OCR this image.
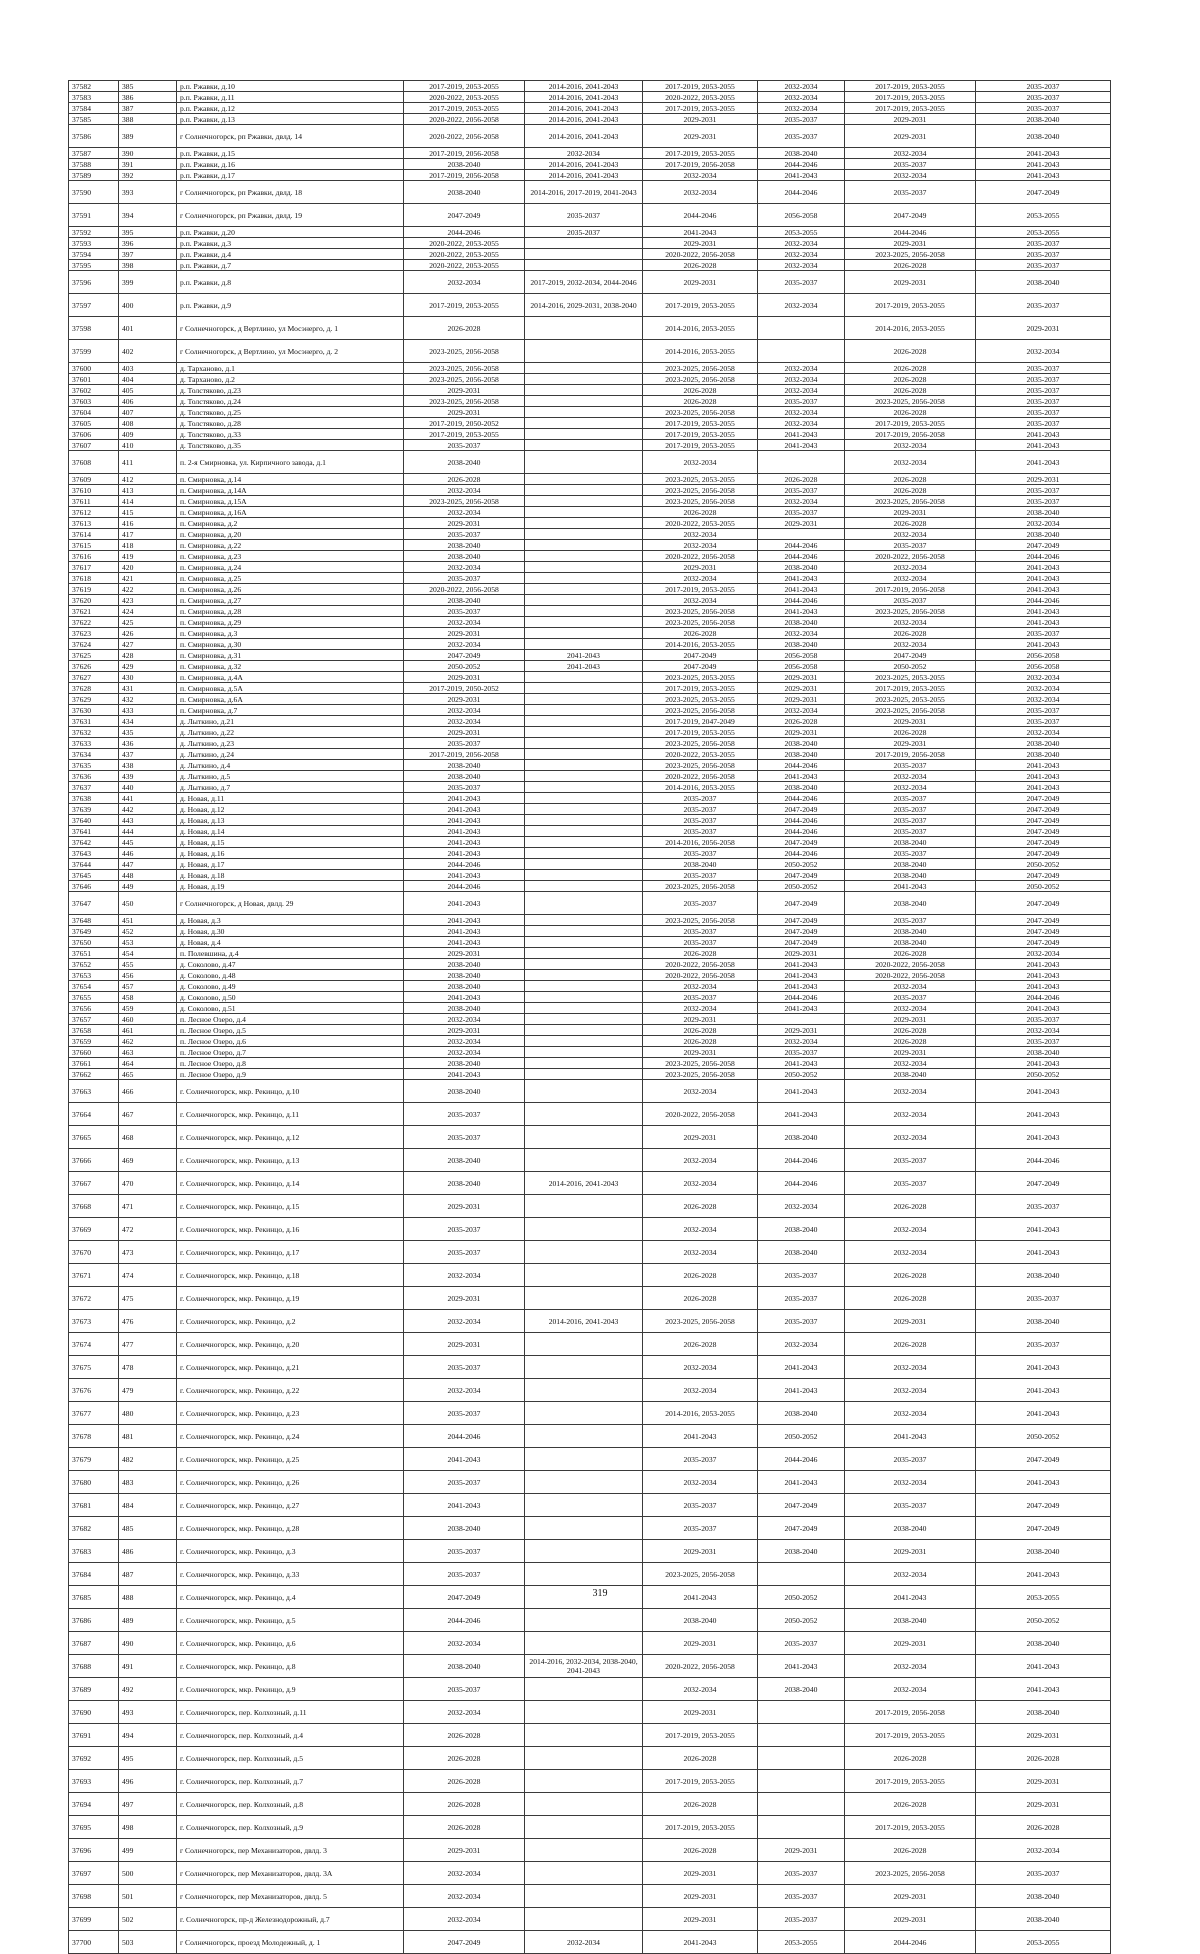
37582	385	р.п. Ржавки, д.10	2017-2019, 2053-2055	2014-2016, 2041-2043	2017-2019, 2053-2055	2032-2034	2017-2019, 2053-2055	2035-2037
37583	386	р.п. Ржавки, д.11	2020-2022, 2053-2055	2014-2016, 2041-2043	2020-2022, 2053-2055	2032-2034	2017-2019, 2053-2055	2035-2037
37584	387	р.п. Ржавки, д.12	2017-2019, 2053-2055	2014-2016, 2041-2043	2017-2019, 2053-2055	2032-2034	2017-2019, 2053-2055	2035-2037
37585	388	р.п. Ржавки, д.13	2020-2022, 2056-2058	2014-2016, 2041-2043	2029-2031	2035-2037	2029-2031	2038-2040
37586	389	г Солнечногорск, рп Ржавки, двлд. 14	2020-2022, 2056-2058	2014-2016, 2041-2043	2029-2031	2035-2037	2029-2031	2038-2040
37587	390	р.п. Ржавки, д.15	2017-2019, 2056-2058	2032-2034	2017-2019, 2053-2055	2038-2040	2032-2034	2041-2043
37588	391	р.п. Ржавки, д.16	2038-2040	2014-2016, 2041-2043	2017-2019, 2056-2058	2044-2046	2035-2037	2041-2043
37589	392	р.п. Ржавки, д.17	2017-2019, 2056-2058	2014-2016, 2041-2043	2032-2034	2041-2043	2032-2034	2041-2043
37590	393	г Солнечногорск, рп Ржавки, двлд. 18	2038-2040	2014-2016, 2017-2019, 2041-2043	2032-2034	2044-2046	2035-2037	2047-2049
37591	394	г Солнечногорск, рп Ржавки, двлд. 19	2047-2049	2035-2037	2044-2046	2056-2058	2047-2049	2053-2055
37592	395	р.п. Ржавки, д.20	2044-2046	2035-2037	2041-2043	2053-2055	2044-2046	2053-2055
37593	396	р.п. Ржавки, д.3	2020-2022, 2053-2055		2029-2031	2032-2034	2029-2031	2035-2037
37594	397	р.п. Ржавки, д.4	2020-2022, 2053-2055		2020-2022, 2056-2058	2032-2034	2023-2025, 2056-2058	2035-2037
37595	398	р.п. Ржавки, д.7	2020-2022, 2053-2055		2026-2028	2032-2034	2026-2028	2035-2037
37596	399	р.п. Ржавки, д.8	2032-2034	2017-2019, 2032-2034, 2044-2046	2029-2031	2035-2037	2029-2031	2038-2040
37597	400	р.п. Ржавки, д.9	2017-2019, 2053-2055	2014-2016, 2029-2031, 2038-2040	2017-2019, 2053-2055	2032-2034	2017-2019, 2053-2055	2035-2037
37598	401	г Солнечногорск, д Вертлино, ул Мосэнерго, д. 1	2026-2028		2014-2016, 2053-2055		2014-2016, 2053-2055	2029-2031
37599	402	г Солнечногорск, д Вертлино, ул Мосэнерго, д. 2	2023-2025, 2056-2058		2014-2016, 2053-2055		2026-2028	2032-2034
37600	403	д. Тарханово, д.1	2023-2025, 2056-2058		2023-2025, 2056-2058	2032-2034	2026-2028	2035-2037
37601	404	д. Тарханово, д.2	2023-2025, 2056-2058		2023-2025, 2056-2058	2032-2034	2026-2028	2035-2037
37602	405	д. Толстяково, д.23	2029-2031		2026-2028	2032-2034	2026-2028	2035-2037
37603	406	д. Толстяково, д.24	2023-2025, 2056-2058		2026-2028	2035-2037	2023-2025, 2056-2058	2035-2037
37604	407	д. Толстяково, д.25	2029-2031		2023-2025, 2056-2058	2032-2034	2026-2028	2035-2037
37605	408	д. Толстяково, д.28	2017-2019, 2050-2052		2017-2019, 2053-2055	2032-2034	2017-2019, 2053-2055	2035-2037
37606	409	д. Толстяково, д.33	2017-2019, 2053-2055		2017-2019, 2053-2055	2041-2043	2017-2019, 2056-2058	2041-2043
37607	410	д. Толстяково, д.35	2035-2037		2017-2019, 2053-2055	2041-2043	2032-2034	2041-2043
37608	411	п. 2-я Смирновка, ул. Кирпичного завода, д.1	2038-2040		2032-2034		2032-2034	2041-2043
37609	412	п. Смирновка, д.14	2026-2028		2023-2025, 2053-2055	2026-2028	2026-2028	2029-2031
37610	413	п. Смирновка, д.14А	2032-2034		2023-2025, 2056-2058	2035-2037	2026-2028	2035-2037
37611	414	п. Смирновка, д.15А	2023-2025, 2056-2058		2023-2025, 2056-2058	2032-2034	2023-2025, 2056-2058	2035-2037
37612	415	п. Смирновка, д.16А	2032-2034		2026-2028	2035-2037	2029-2031	2038-2040
37613	416	п. Смирновка, д.2	2029-2031		2020-2022, 2053-2055	2029-2031	2026-2028	2032-2034
37614	417	п. Смирновка, д.20	2035-2037		2032-2034		2032-2034	2038-2040
37615	418	п. Смирновка, д.22	2038-2040		2032-2034	2044-2046	2035-2037	2047-2049
37616	419	п. Смирновка, д.23	2038-2040		2020-2022, 2056-2058	2044-2046	2020-2022, 2056-2058	2044-2046
37617	420	п. Смирновка, д.24	2032-2034		2029-2031	2038-2040	2032-2034	2041-2043
37618	421	п. Смирновка, д.25	2035-2037		2032-2034	2041-2043	2032-2034	2041-2043
37619	422	п. Смирновка, д.26	2020-2022, 2056-2058		2017-2019, 2053-2055	2041-2043	2017-2019, 2056-2058	2041-2043
37620	423	п. Смирновка, д.27	2038-2040		2032-2034	2044-2046	2035-2037	2044-2046
37621	424	п. Смирновка, д.28	2035-2037		2023-2025, 2056-2058	2041-2043	2023-2025, 2056-2058	2041-2043
37622	425	п. Смирновка, д.29	2032-2034		2023-2025, 2056-2058	2038-2040	2032-2034	2041-2043
37623	426	п. Смирновка, д.3	2029-2031		2026-2028	2032-2034	2026-2028	2035-2037
37624	427	п. Смирновка, д.30	2032-2034		2014-2016, 2053-2055	2038-2040	2032-2034	2041-2043
37625	428	п. Смирновка, д.31	2047-2049	2041-2043	2047-2049	2056-2058	2047-2049	2056-2058
37626	429	п. Смирновка, д.32	2050-2052	2041-2043	2047-2049	2056-2058	2050-2052	2056-2058
37627	430	п. Смирновка, д.4А	2029-2031		2023-2025, 2053-2055	2029-2031	2023-2025, 2053-2055	2032-2034
37628	431	п. Смирновка, д.5А	2017-2019, 2050-2052		2017-2019, 2053-2055	2029-2031	2017-2019, 2053-2055	2032-2034
37629	432	п. Смирновка, д.6А	2029-2031		2023-2025, 2053-2055	2029-2031	2023-2025, 2053-2055	2032-2034
37630	433	п. Смирновка, д.7	2032-2034		2023-2025, 2056-2058	2032-2034	2023-2025, 2056-2058	2035-2037
37631	434	д. Лыткино, д.21	2032-2034		2017-2019, 2047-2049	2026-2028	2029-2031	2035-2037
37632	435	д. Лыткино, д.22	2029-2031		2017-2019, 2053-2055	2029-2031	2026-2028	2032-2034
37633	436	д. Лыткино, д.23	2035-2037		2023-2025, 2056-2058	2038-2040	2029-2031	2038-2040
37634	437	д. Лыткино, д.24	2017-2019, 2056-2058		2020-2022, 2053-2055	2038-2040	2017-2019, 2056-2058	2038-2040
37635	438	д. Лыткино, д.4	2038-2040		2023-2025, 2056-2058	2044-2046	2035-2037	2041-2043
37636	439	д. Лыткино, д.5	2038-2040		2020-2022, 2056-2058	2041-2043	2032-2034	2041-2043
37637	440	д. Лыткино, д.7	2035-2037		2014-2016, 2053-2055	2038-2040	2032-2034	2041-2043
37638	441	д. Новая, д.11	2041-2043		2035-2037	2044-2046	2035-2037	2047-2049
37639	442	д. Новая, д.12	2041-2043		2035-2037	2047-2049	2035-2037	2047-2049
37640	443	д. Новая, д.13	2041-2043		2035-2037	2044-2046	2035-2037	2047-2049
37641	444	д. Новая, д.14	2041-2043		2035-2037	2044-2046	2035-2037	2047-2049
37642	445	д. Новая, д.15	2041-2043		2014-2016, 2056-2058	2047-2049	2038-2040	2047-2049
37643	446	д. Новая, д.16	2041-2043		2035-2037	2044-2046	2035-2037	2047-2049
37644	447	д. Новая, д.17	2044-2046		2038-2040	2050-2052	2038-2040	2050-2052
37645	448	д. Новая, д.18	2041-2043		2035-2037	2047-2049	2038-2040	2047-2049
37646	449	д. Новая, д.19	2044-2046		2023-2025, 2056-2058	2050-2052	2041-2043	2050-2052
37647	450	г Солнечногорск, д Новая, двлд. 29	2041-2043		2035-2037	2047-2049	2038-2040	2047-2049
37648	451	д. Новая, д.3	2041-2043		2023-2025, 2056-2058	2047-2049	2035-2037	2047-2049
37649	452	д. Новая, д.30	2041-2043		2035-2037	2047-2049	2038-2040	2047-2049
37650	453	д. Новая, д.4	2041-2043		2035-2037	2047-2049	2038-2040	2047-2049
37651	454	п. Полевшина, д.4	2029-2031		2026-2028	2029-2031	2026-2028	2032-2034
37652	455	д. Соколово, д.47	2038-2040		2020-2022, 2056-2058	2041-2043	2020-2022, 2056-2058	2041-2043
37653	456	д. Соколово, д.48	2038-2040		2020-2022, 2056-2058	2041-2043	2020-2022, 2056-2058	2041-2043
37654	457	д. Соколово, д.49	2038-2040		2032-2034	2041-2043	2032-2034	2041-2043
37655	458	д. Соколово, д.50	2041-2043		2035-2037	2044-2046	2035-2037	2044-2046
37656	459	д. Соколово, д.51	2038-2040		2032-2034	2041-2043	2032-2034	2041-2043
37657	460	п. Лесное Озеро, д.4	2032-2034		2029-2031		2029-2031	2035-2037
37658	461	п. Лесное Озеро, д.5	2029-2031		2026-2028	2029-2031	2026-2028	2032-2034
37659	462	п. Лесное Озеро, д.6	2032-2034		2026-2028	2032-2034	2026-2028	2035-2037
37660	463	п. Лесное Озеро, д.7	2032-2034		2029-2031	2035-2037	2029-2031	2038-2040
37661	464	п. Лесное Озеро, д.8	2038-2040		2023-2025, 2056-2058	2041-2043	2032-2034	2041-2043
37662	465	п. Лесное Озеро, д.9	2041-2043		2023-2025, 2056-2058	2050-2052	2038-2040	2050-2052
37663	466	г. Солнечногорск, мкр. Рекинцо, д.10	2038-2040		2032-2034	2041-2043	2032-2034	2041-2043
37664	467	г. Солнечногорск, мкр. Рекинцо, д.11	2035-2037		2020-2022, 2056-2058	2041-2043	2032-2034	2041-2043
37665	468	г. Солнечногорск, мкр. Рекинцо, д.12	2035-2037		2029-2031	2038-2040	2032-2034	2041-2043
37666	469	г. Солнечногорск, мкр. Рекинцо, д.13	2038-2040		2032-2034	2044-2046	2035-2037	2044-2046
37667	470	г. Солнечногорск, мкр. Рекинцо, д.14	2038-2040	2014-2016, 2041-2043	2032-2034	2044-2046	2035-2037	2047-2049
37668	471	г. Солнечногорск, мкр. Рекинцо, д.15	2029-2031		2026-2028	2032-2034	2026-2028	2035-2037
37669	472	г. Солнечногорск, мкр. Рекинцо, д.16	2035-2037		2032-2034	2038-2040	2032-2034	2041-2043
37670	473	г. Солнечногорск, мкр. Рекинцо, д.17	2035-2037		2032-2034	2038-2040	2032-2034	2041-2043
37671	474	г. Солнечногорск, мкр. Рекинцо, д.18	2032-2034		2026-2028	2035-2037	2026-2028	2038-2040
37672	475	г. Солнечногорск, мкр. Рекинцо, д.19	2029-2031		2026-2028	2035-2037	2026-2028	2035-2037
37673	476	г. Солнечногорск, мкр. Рекинцо, д.2	2032-2034	2014-2016, 2041-2043	2023-2025, 2056-2058	2035-2037	2029-2031	2038-2040
37674	477	г. Солнечногорск, мкр. Рекинцо, д.20	2029-2031		2026-2028	2032-2034	2026-2028	2035-2037
37675	478	г. Солнечногорск, мкр. Рекинцо, д.21	2035-2037		2032-2034	2041-2043	2032-2034	2041-2043
37676	479	г. Солнечногорск, мкр. Рекинцо, д.22	2032-2034		2032-2034	2041-2043	2032-2034	2041-2043
37677	480	г. Солнечногорск, мкр. Рекинцо, д.23	2035-2037		2014-2016, 2053-2055	2038-2040	2032-2034	2041-2043
37678	481	г. Солнечногорск, мкр. Рекинцо, д.24	2044-2046		2041-2043	2050-2052	2041-2043	2050-2052
37679	482	г. Солнечногорск, мкр. Рекинцо, д.25	2041-2043		2035-2037	2044-2046	2035-2037	2047-2049
37680	483	г. Солнечногорск, мкр. Рекинцо, д.26	2035-2037		2032-2034	2041-2043	2032-2034	2041-2043
37681	484	г. Солнечногорск, мкр. Рекинцо, д.27	2041-2043		2035-2037	2047-2049	2035-2037	2047-2049
37682	485	г. Солнечногорск, мкр. Рекинцо, д.28	2038-2040		2035-2037	2047-2049	2038-2040	2047-2049
37683	486	г. Солнечногорск, мкр. Рекинцо, д.3	2035-2037		2029-2031	2038-2040	2029-2031	2038-2040
37684	487	г. Солнечногорск, мкр. Рекинцо, д.33	2035-2037		2023-2025, 2056-2058		2032-2034	2041-2043
37685	488	г. Солнечногорск, мкр. Рекинцо, д.4	2047-2049		2041-2043	2050-2052	2041-2043	2053-2055
37686	489	г. Солнечногорск, мкр. Рекинцо, д.5	2044-2046		2038-2040	2050-2052	2038-2040	2050-2052
37687	490	г. Солнечногорск, мкр. Рекинцо, д.6	2032-2034		2029-2031	2035-2037	2029-2031	2038-2040
37688	491	г. Солнечногорск, мкр. Рекинцо, д.8	2038-2040	2014-2016, 2032-2034, 2038-2040, 2041-2043	2020-2022, 2056-2058	2041-2043	2032-2034	2041-2043
37689	492	г. Солнечногорск, мкр. Рекинцо, д.9	2035-2037		2032-2034	2038-2040	2032-2034	2041-2043
37690	493	г. Солнечногорск, пер. Колхозный, д.11	2032-2034		2029-2031		2017-2019, 2056-2058	2038-2040
37691	494	г. Солнечногорск, пер. Колхозный, д.4	2026-2028		2017-2019, 2053-2055		2017-2019, 2053-2055	2029-2031
37692	495	г. Солнечногорск, пер. Колхозный, д.5	2026-2028		2026-2028		2026-2028	2026-2028
37693	496	г. Солнечногорск, пер. Колхозный, д.7	2026-2028		2017-2019, 2053-2055		2017-2019, 2053-2055	2029-2031
37694	497	г. Солнечногорск, пер. Колхозный, д.8	2026-2028		2026-2028		2026-2028	2029-2031
37695	498	г. Солнечногорск, пер. Колхозный, д.9	2026-2028		2017-2019, 2053-2055		2017-2019, 2053-2055	2026-2028
37696	499	г Солнечногорск, пер Механизаторов, двлд. 3	2029-2031		2026-2028	2029-2031	2026-2028	2032-2034
37697	500	г Солнечногорск, пер Механизаторов, двлд. 3А	2032-2034		2029-2031	2035-2037	2023-2025, 2056-2058	2035-2037
37698	501	г Солнечногорск, пер Механизаторов, двлд. 5	2032-2034		2029-2031	2035-2037	2029-2031	2038-2040
37699	502	г. Солнечногорск, пр-д Железнодорожный, д.7	2032-2034		2029-2031	2035-2037	2029-2031	2038-2040
37700	503	г Солнечногорск, проезд Молодежный, д. 1	2047-2049	2032-2034	2041-2043	2053-2055	2044-2046	2053-2055
319
